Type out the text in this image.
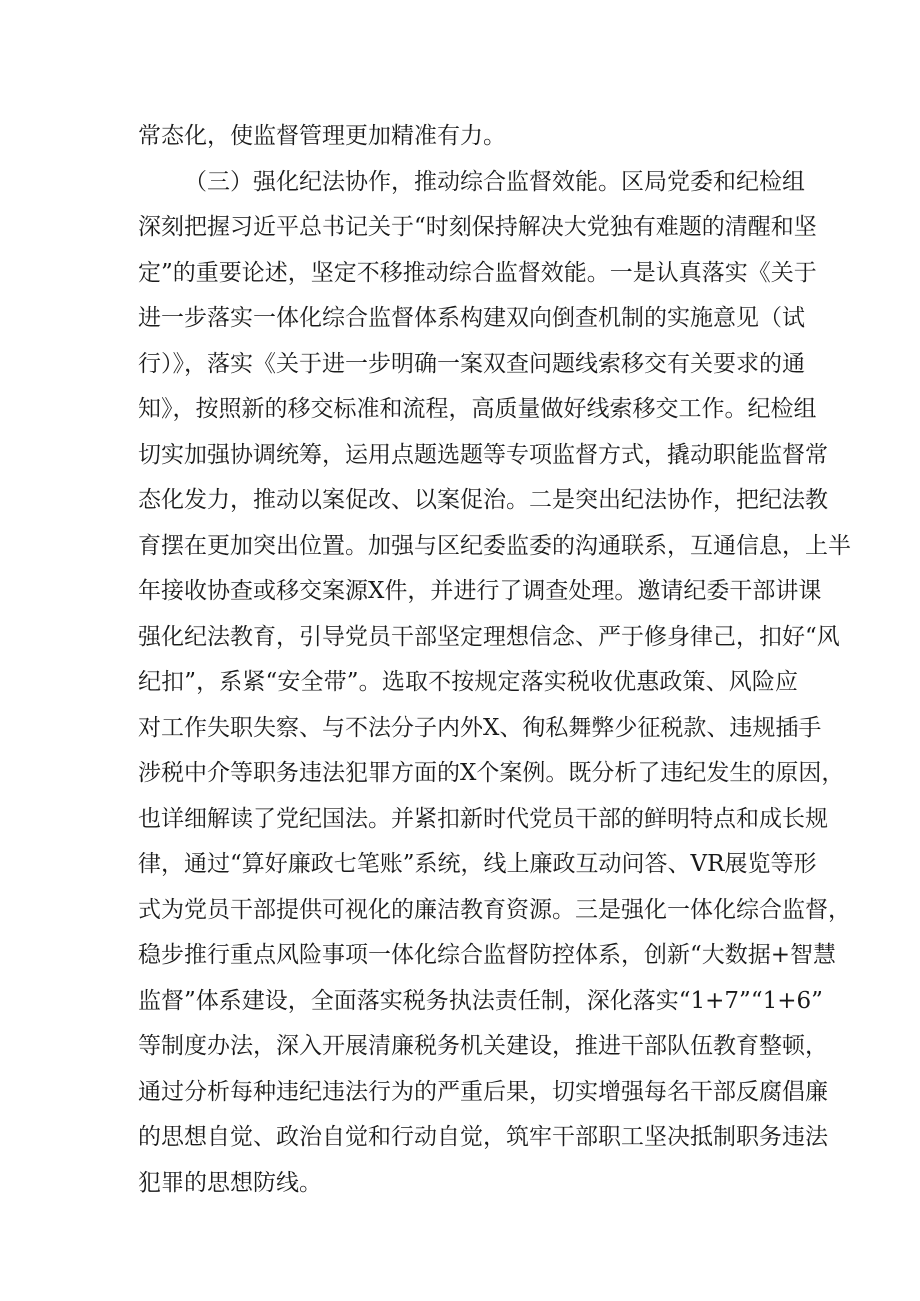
常态化，使监督管理更加精准有力。
（三）强化纪法协作，推动综合监督效能。区局党委和纪检组
深刻把握习近平总书记关于“时刻保持解决大党独有难题的清醒和坚
定”的重要论述，坚定不移推动综合监督效能。一是认真落实《关于
进一步落实一体化综合监督体系构建双向倒查机制的实施意见（试
行）》，落实《关于进一步明确一案双查问题线索移交有关要求的通
知》，按照新的移交标准和流程，高质量做好线索移交工作。纪检组
切实加强协调统筹，运用点题选题等专项监督方式，撬动职能监督常
态化发力，推动以案促改、以案促治。二是突出纪法协作，把纪法教
育摆在更加突出位置。加强与区纪委监委的沟通联系，互通信息，上半
年接收协查或移交案源X件，并进行了调查处理。邀请纪委干部讲课
强化纪法教育，引导党员干部坚定理想信念、严于修身律己，扣好“风
纪扣”，系紧“安全带”。选取不按规定落实税收优惠政策、风险应
对工作失职失察、与不法分子内外X、徇私舞弊少征税款、违规插手
涉税中介等职务违法犯罪方面的X个案例。既分析了违纪发生的原因，
也详细解读了党纪国法。并紧扣新时代党员干部的鲜明特点和成长规
律，通过“算好廉政七笔账”系统，线上廉政互动问答、VR展览等形
式为党员干部提供可视化的廉洁教育资源。三是强化一体化综合监督，
稳步推行重点风险事项一体化综合监督防控体系，创新“大数据+智慧
监督”体系建设，全面落实税务执法责任制，深化落实“1+7”“1+6”
等制度办法，深入开展清廉税务机关建设，推进干部队伍教育整顿，
通过分析每种违纪违法行为的严重后果，切实增强每名干部反腐倡廉
的思想自觉、政治自觉和行动自觉，筑牢干部职工坚决抵制职务违法
犯罪的思想防线。
